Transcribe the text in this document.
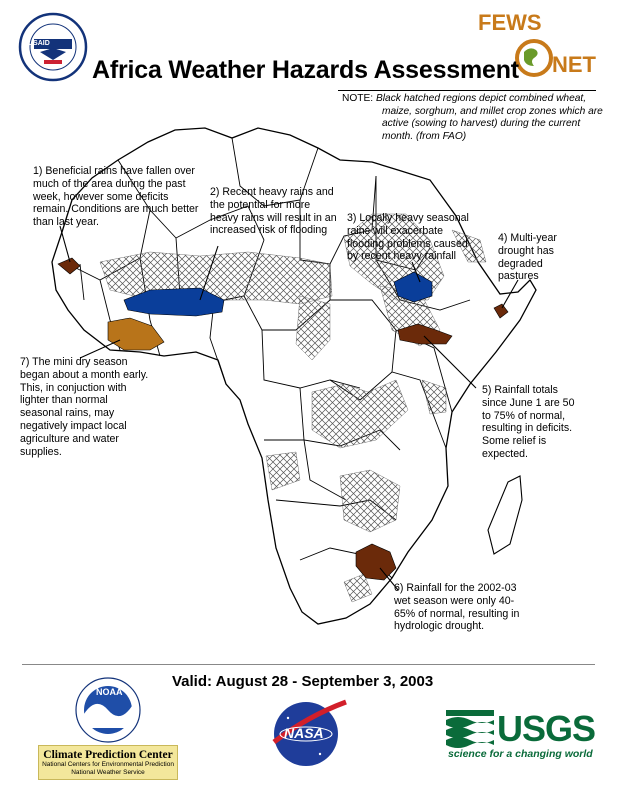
USAID
FEWS
NET
Africa Weather Hazards Assessment
NOTE: Black hatched regions depict combined wheat,
maize, sorghum, and millet crop zones which are active (sowing to harvest) during the current month. (from FAO)
1) Beneficial rains have fallen over much of the area during the past week, however some deficits remain. Conditions are much better than last year.
2) Recent heavy rains and the potential for more heavy rains will result in an increased risk of flooding
3) Locally heavy seasonal rains will exacerbate flooding problems caused by recent heavy rainfall
4) Multi-year drought has degraded pastures
5) Rainfall totals since June 1 are 50 to 75% of normal, resulting in deficits. Some relief is expected.
6) Rainfall for the 2002-03 wet season were only 40-65% of normal, resulting in hydrologic drought.
7) The mini dry season began about a month early. This, in conjuction with lighter than normal seasonal rains, may negatively impact local agriculture and water supplies.
Valid: August 28 - September 3, 2003
NOAA
Climate Prediction Center
National Centers for Environmental Prediction
National Weather Service
NASA	USGS
science for a changing world
